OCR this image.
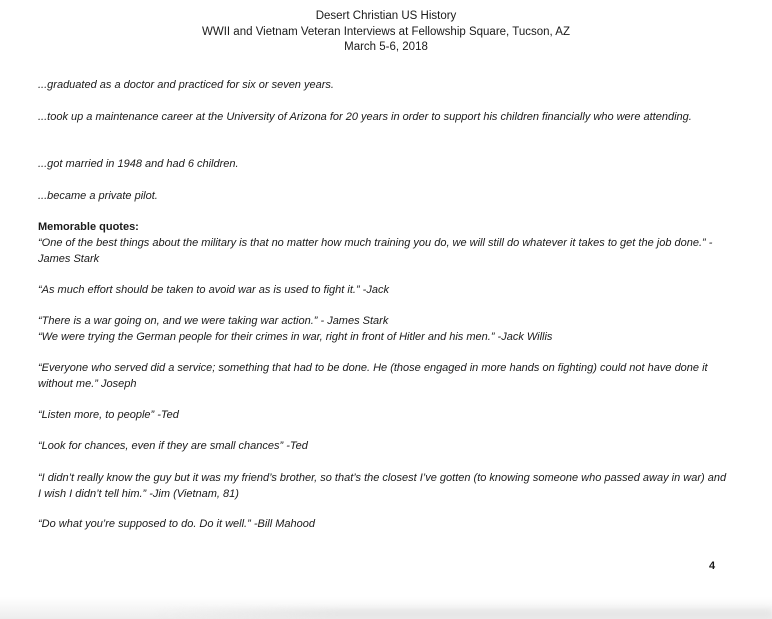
Desert Christian US History
WWII and Vietnam Veteran Interviews at Fellowship Square, Tucson, AZ
March 5-6, 2018

...graduated as a doctor and practiced for six or seven years.

...took up a maintenance career at the University of Arizona for 20 years in order to support his children financially who were attending.

...got married in 1948 and had 6 children.

...became a private pilot.

Memorable quotes:

“One of the best things about the military is that no matter how much training you do, we will still do whatever it takes to get the job done.” -James Stark

“As much effort should be taken to avoid war as is used to fight it.” -Jack

“There is a war going on, and we were taking war action.” - James Stark

“We were trying the German people for their crimes in war, right in front of Hitler and his men.” -Jack Willis

“Everyone who served did a service; something that had to be done. He (those engaged in more hands on fighting) could not have done it without me.” Joseph

“Listen more, to people” -Ted

“Look for chances, even if they are small chances” -Ted

“I didn’t really know the guy but it was my friend’s brother, so that’s the closest I’ve gotten (to knowing someone who passed away in war) and I wish I didn’t tell him.” -Jim (Vietnam, 81)

“Do what you’re supposed to do. Do it well.” -Bill Mahood

4
